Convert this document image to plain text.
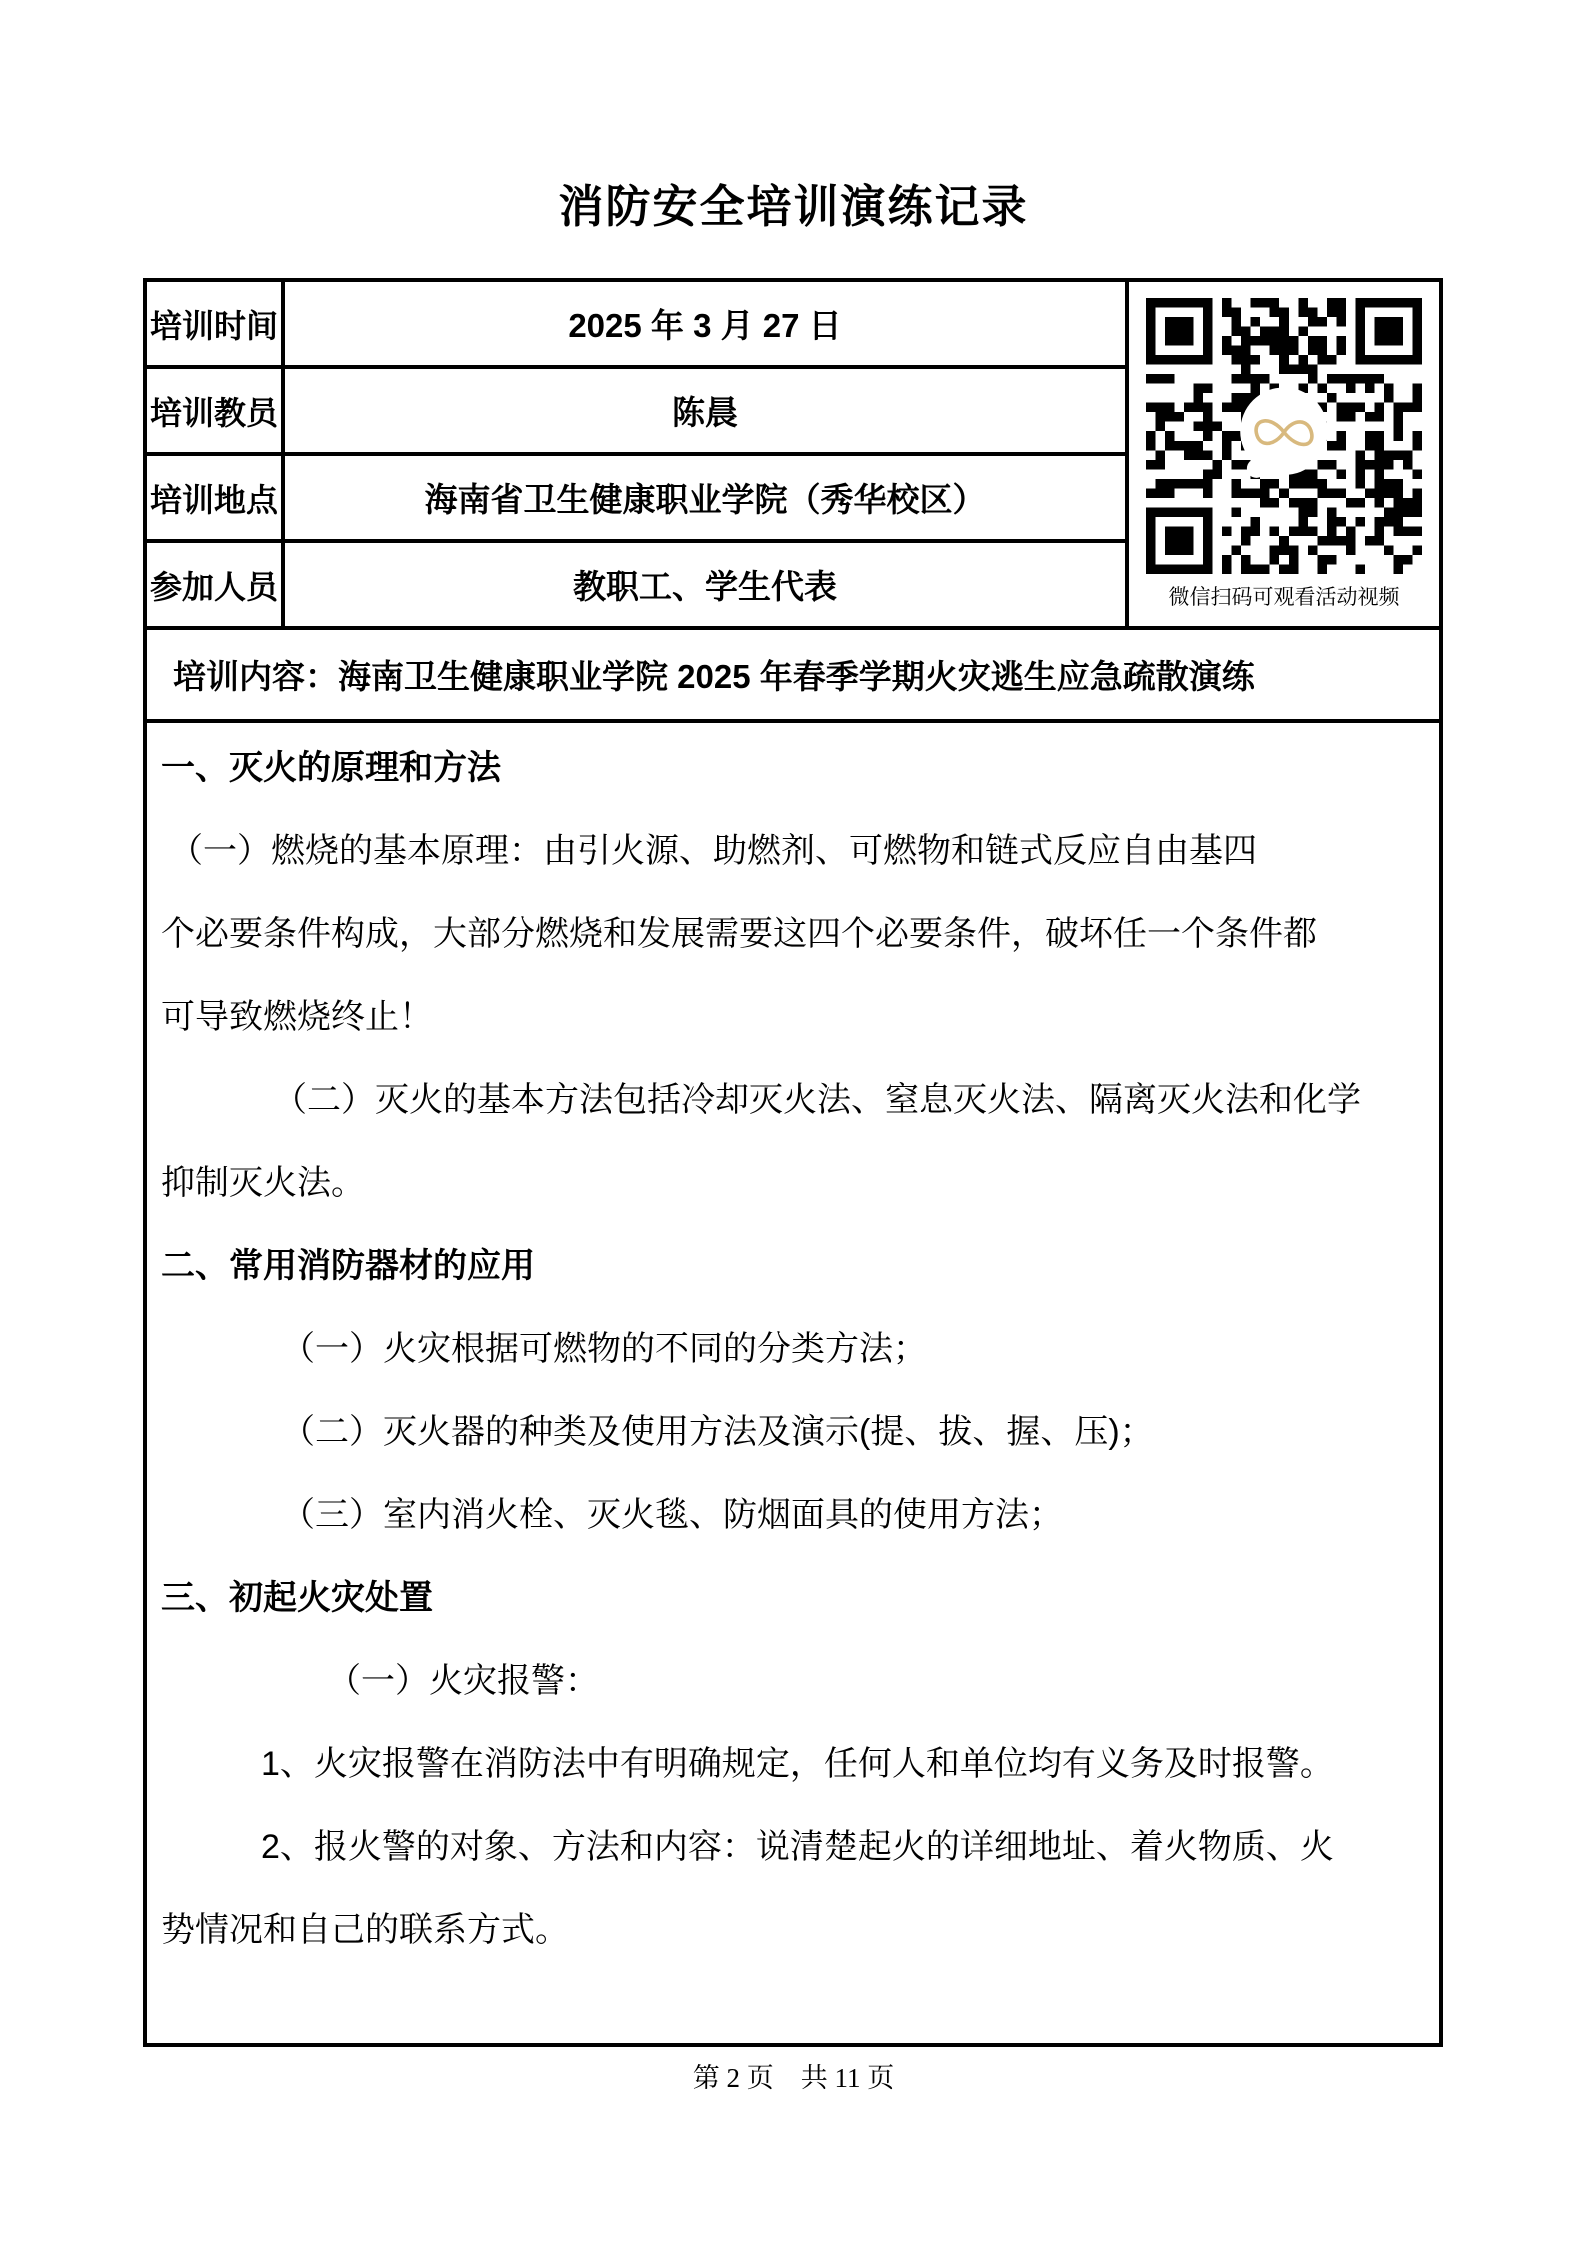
消防安全培训演练记录
培训时间	2025 年 3 月 27 日
培训教员	陈晨
培训地点	海南省卫生健康职业学院（秀华校区）
参加人员	教职工、学生代表	微信扫码可观看活动视频
培训内容：海南卫生健康职业学院 2025 年春季学期火灾逃生应急疏散演练
一、灭火的原理和方法
（一）燃烧的基本原理：由引火源、助燃剂、可燃物和链式反应自由基四
个必要条件构成，大部分燃烧和发展需要这四个必要条件，破坏任一个条件都
可导致燃烧终止！
（二）灭火的基本方法包括冷却灭火法、窒息灭火法、隔离灭火法和化学
抑制灭火法。
二、常用消防器材的应用
（一）火灾根据可燃物的不同的分类方法；
（二）灭火器的种类及使用方法及演示(提、拔、握、压)；
（三）室内消火栓、灭火毯、防烟面具的使用方法；
三、初起火灾处置
（一）火灾报警：
1、火灾报警在消防法中有明确规定，任何人和单位均有义务及时报警。
2、报火警的对象、方法和内容：说清楚起火的详细地址、着火物质、火
势情况和自己的联系方式。
第 2 页　共 11 页
